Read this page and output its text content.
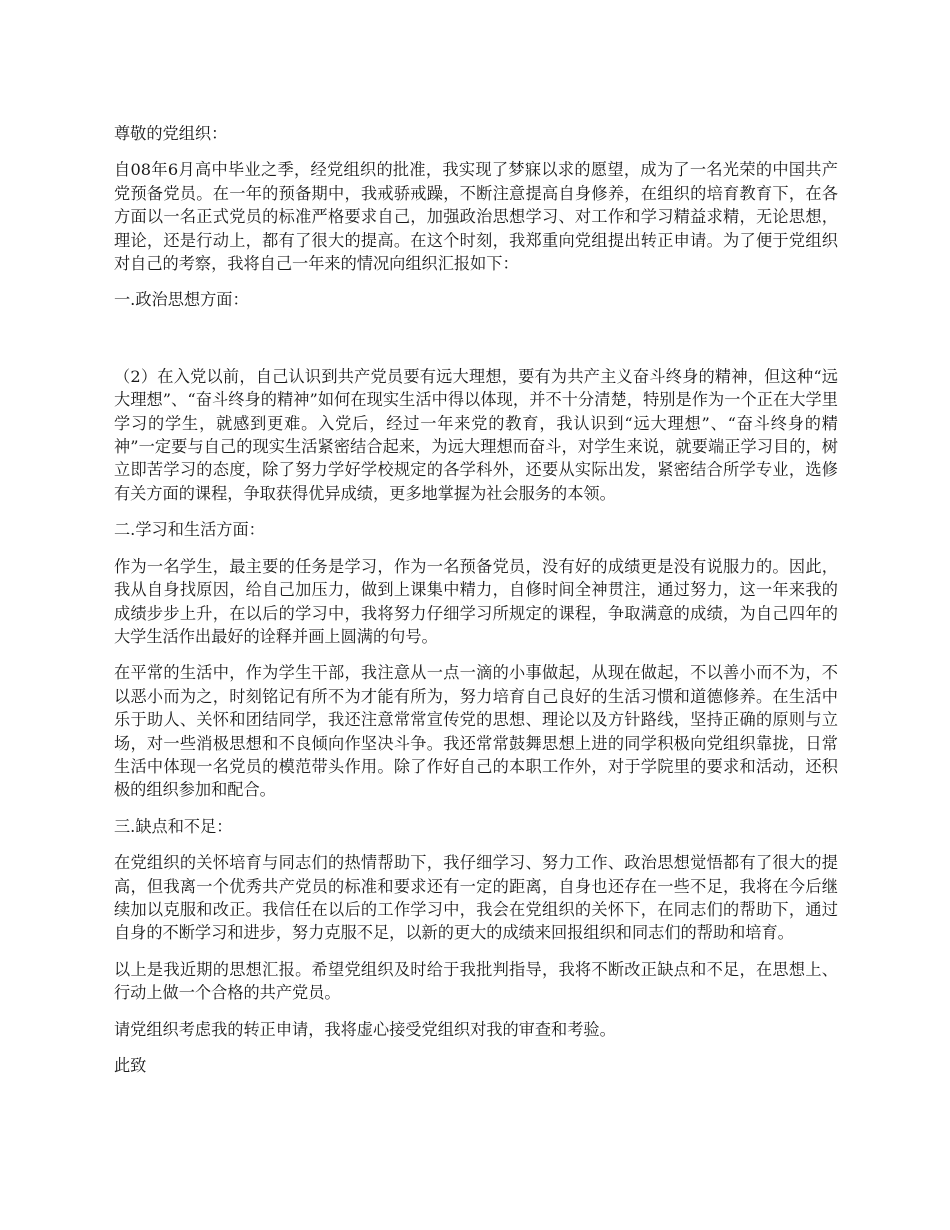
尊敬的党组织：

自08年6月高中毕业之季，经党组织的批准，我实现了梦寐以求的愿望，成为了一名光荣的中国共产党预备党员。在一年的预备期中，我戒骄戒躁，不断注意提高自身修养，在组织的培育教育下，在各方面以一名正式党员的标准严格要求自己，加强政治思想学习、对工作和学习精益求精，无论思想，理论，还是行动上，都有了很大的提高。在这个时刻，我郑重向党组提出转正申请。为了便于党组织对自己的考察，我将自己一年来的情况向组织汇报如下：

一.政治思想方面：

（2）在入党以前，自己认识到共产党员要有远大理想，要有为共产主义奋斗终身的精神，但这种“远大理想”、“奋斗终身的精神”如何在现实生活中得以体现，并不十分清楚，特别是作为一个正在大学里学习的学生，就感到更难。入党后，经过一年来党的教育，我认识到“远大理想”、“奋斗终身的精神”一定要与自己的现实生活紧密结合起来，为远大理想而奋斗，对学生来说，就要端正学习目的，树立即苦学习的态度，除了努力学好学校规定的各学科外，还要从实际出发，紧密结合所学专业，选修有关方面的课程，争取获得优异成绩，更多地掌握为社会服务的本领。

二.学习和生活方面：

作为一名学生，最主要的任务是学习，作为一名预备党员，没有好的成绩更是没有说服力的。因此，我从自身找原因，给自己加压力，做到上课集中精力，自修时间全神贯注，通过努力，这一年来我的成绩步步上升，在以后的学习中，我将努力仔细学习所规定的课程，争取满意的成绩，为自己四年的大学生活作出最好的诠释并画上圆满的句号。

在平常的生活中，作为学生干部，我注意从一点一滴的小事做起，从现在做起，不以善小而不为，不以恶小而为之，时刻铭记有所不为才能有所为，努力培育自己良好的生活习惯和道德修养。在生活中乐于助人、关怀和团结同学，我还注意常常宣传党的思想、理论以及方针路线，坚持正确的原则与立场，对一些消极思想和不良倾向作坚决斗争。我还常常鼓舞思想上进的同学积极向党组织靠拢，日常生活中体现一名党员的模范带头作用。除了作好自己的本职工作外，对于学院里的要求和活动，还积极的组织参加和配合。

三.缺点和不足：

在党组织的关怀培育与同志们的热情帮助下，我仔细学习、努力工作、政治思想觉悟都有了很大的提高，但我离一个优秀共产党员的标准和要求还有一定的距离，自身也还存在一些不足，我将在今后继续加以克服和改正。我信任在以后的工作学习中，我会在党组织的关怀下，在同志们的帮助下，通过自身的不断学习和进步，努力克服不足，以新的更大的成绩来回报组织和同志们的帮助和培育。

以上是我近期的思想汇报。希望党组织及时给于我批判指导，我将不断改正缺点和不足，在思想上、行动上做一个合格的共产党员。

请党组织考虑我的转正申请，我将虚心接受党组织对我的审查和考验。

此致
